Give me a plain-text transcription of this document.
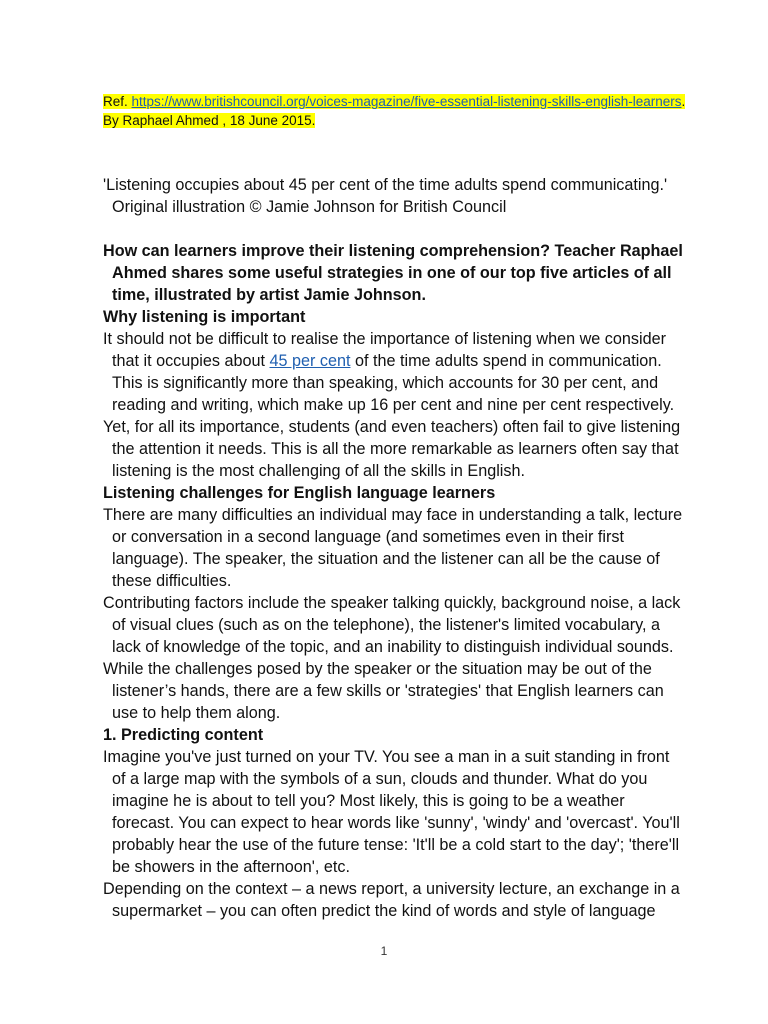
Ref. https://www.britishcouncil.org/voices-magazine/five-essential-listening-skills-english-learners. By Raphael Ahmed , 18 June 2015.

'Listening occupies about 45 per cent of the time adults spend communicating.' Original illustration © Jamie Johnson for British Council

How can learners improve their listening comprehension? Teacher Raphael Ahmed shares some useful strategies in one of our top five articles of all time, illustrated by artist Jamie Johnson.

Why listening is important

It should not be difficult to realise the importance of listening when we consider that it occupies about 45 per cent of the time adults spend in communication. This is significantly more than speaking, which accounts for 30 per cent, and reading and writing, which make up 16 per cent and nine per cent respectively.

Yet, for all its importance, students (and even teachers) often fail to give listening the attention it needs. This is all the more remarkable as learners often say that listening is the most challenging of all the skills in English.

Listening challenges for English language learners

There are many difficulties an individual may face in understanding a talk, lecture or conversation in a second language (and sometimes even in their first language). The speaker, the situation and the listener can all be the cause of these difficulties.

Contributing factors include the speaker talking quickly, background noise, a lack of visual clues (such as on the telephone), the listener's limited vocabulary, a lack of knowledge of the topic, and an inability to distinguish individual sounds.

While the challenges posed by the speaker or the situation may be out of the listener’s hands, there are a few skills or 'strategies' that English learners can use to help them along.

1. Predicting content

Imagine you've just turned on your TV. You see a man in a suit standing in front of a large map with the symbols of a sun, clouds and thunder. What do you imagine he is about to tell you? Most likely, this is going to be a weather forecast. You can expect to hear words like 'sunny', 'windy' and 'overcast'. You'll probably hear the use of the future tense: 'It'll be a cold start to the day'; 'there'll be showers in the afternoon', etc.

Depending on the context – a news report, a university lecture, an exchange in a supermarket – you can often predict the kind of words and style of language

1
